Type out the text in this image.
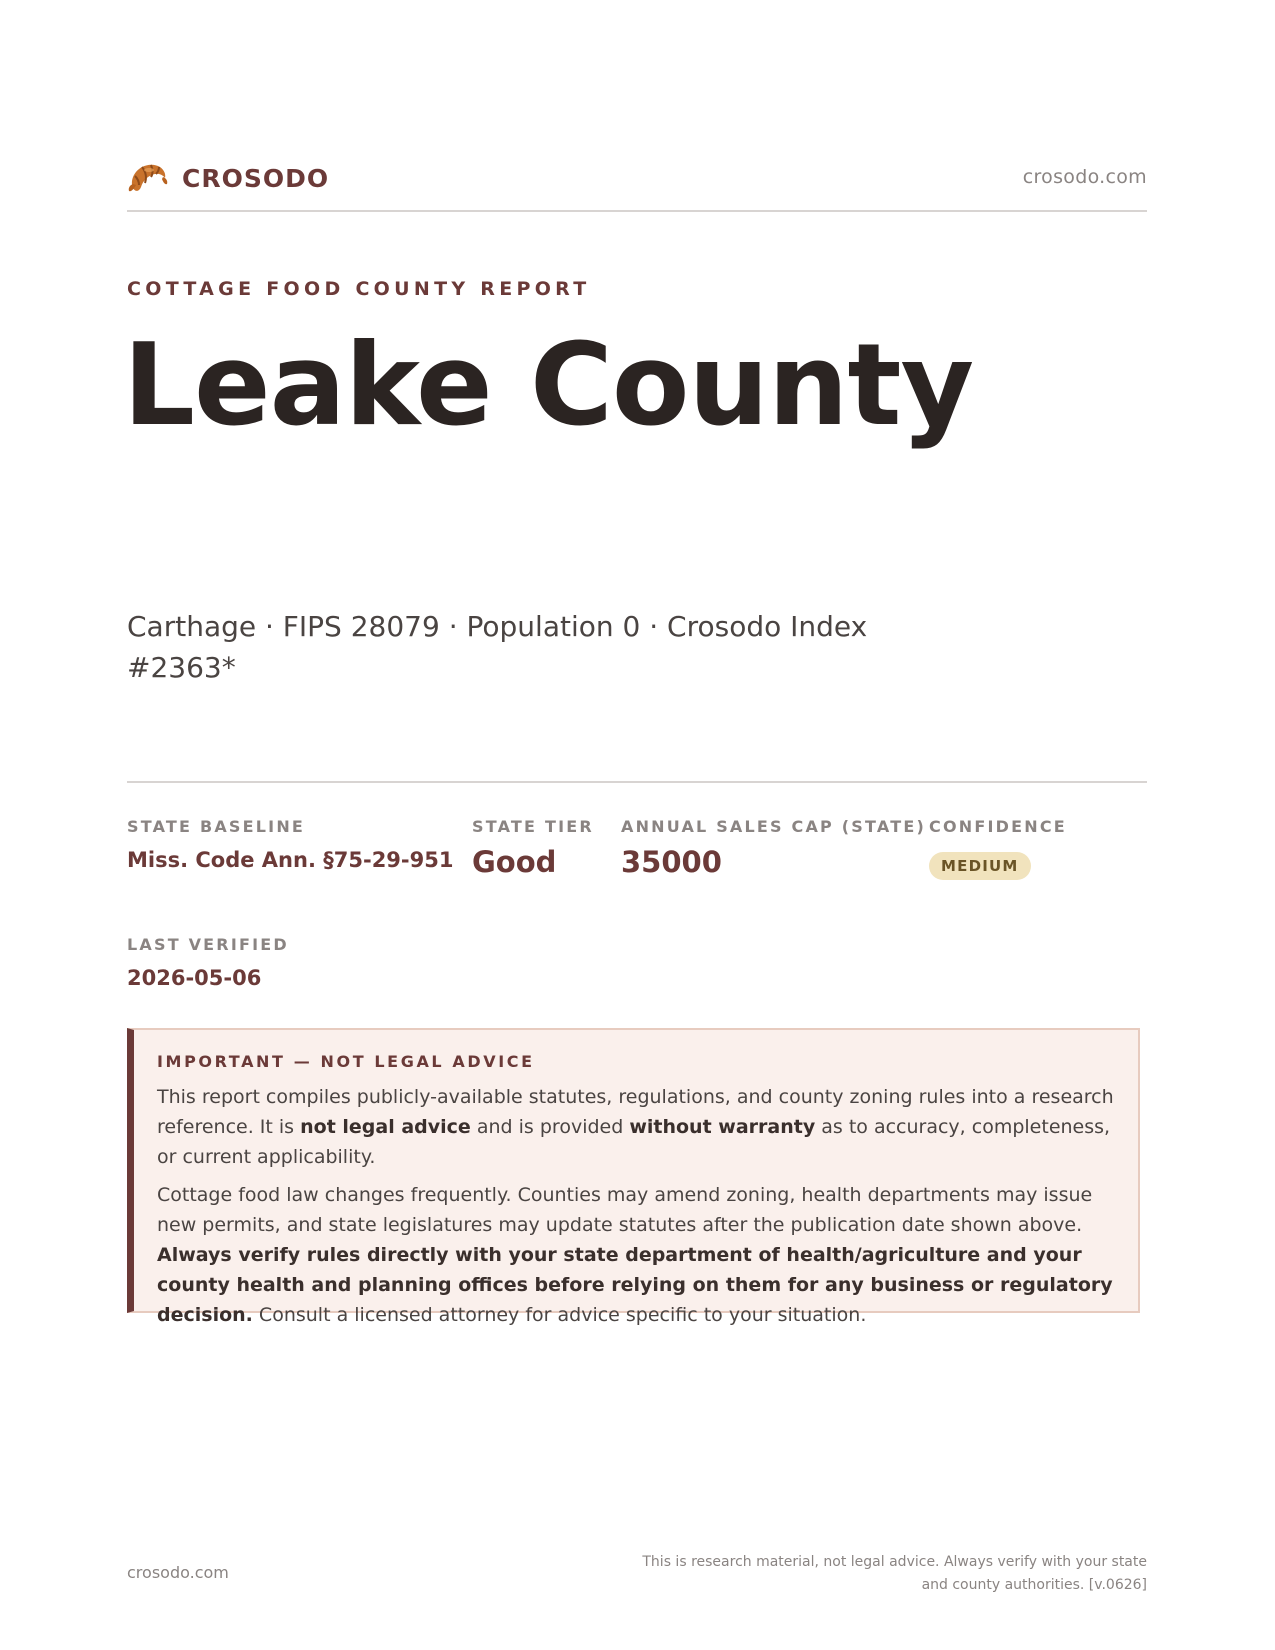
CROSODO	crosodo.com
COTTAGE FOOD COUNTY REPORT
Leake County
Carthage · FIPS 28079 · Population 0 · Crosodo Index #2363*
STATE BASELINE
Miss. Code Ann. §75-29-951
STATE TIER
Good
ANNUAL SALES CAP (STATE)
35000
CONFIDENCE
MEDIUM
LAST VERIFIED
2026-05-06
IMPORTANT — NOT LEGAL ADVICE

This report compiles publicly-available statutes, regulations, and county zoning rules into a research reference. It is not legal advice and is provided without warranty as to accuracy, completeness, or current applicability.

Cottage food law changes frequently. Counties may amend zoning, health departments may issue new permits, and state legislatures may update statutes after the publication date shown above. Always verify rules directly with your state department of health/agriculture and your county health and planning offices before relying on them for any business or regulatory decision. Consult a licensed attorney for advice specific to your situation.

crosodo.com
This is research material, not legal advice. Always verify with your state
and county authorities. [v.0626]
